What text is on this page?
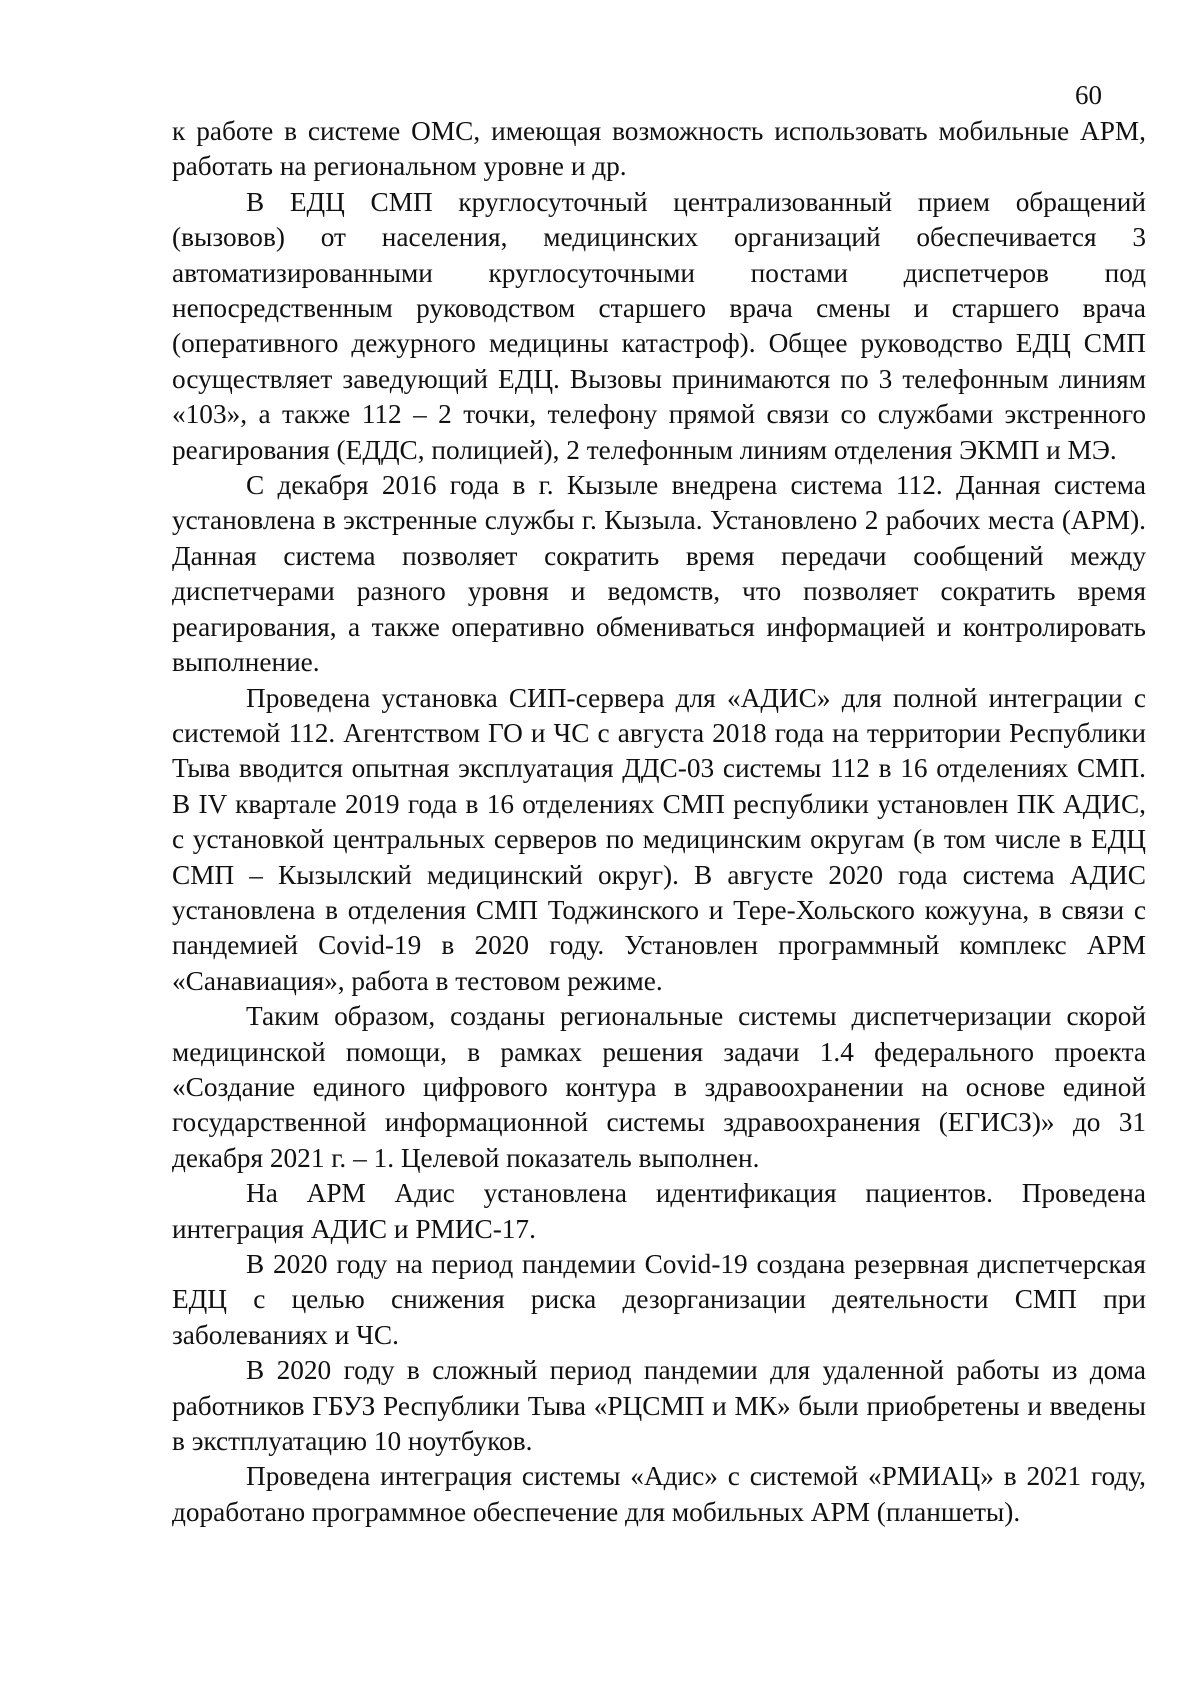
60

к работе в системе ОМС, имеющая возможность использовать мобильные АРМ, работать на региональном уровне и др.

В ЕДЦ СМП круглосуточный централизованный прием обращений (вызовов) от населения, медицинских организаций обеспечивается 3 автоматизированными круглосуточными постами диспетчеров под непосредственным руководством старшего врача смены и старшего врача (оперативного дежурного медицины катастроф). Общее руководство ЕДЦ СМП осуществляет заведующий ЕДЦ. Вызовы принимаются по 3 телефонным линиям «103», а также 112 – 2 точки, телефону прямой связи со службами экстренного реагирования (ЕДДС, полицией), 2 телефонным линиям отделения ЭКМП и МЭ.

С декабря 2016 года в г. Кызыле внедрена система 112. Данная система установлена в экстренные службы г. Кызыла. Установлено 2 рабочих места (АРМ). Данная система позволяет сократить время передачи сообщений между диспетчерами разного уровня и ведомств, что позволяет сократить время реагирования, а также оперативно обмениваться информацией и контролировать выполнение.

Проведена установка СИП-сервера для «АДИС» для полной интеграции с системой 112. Агентством ГО и ЧС с августа 2018 года на территории Республики Тыва вводится опытная эксплуатация ДДС-03 системы 112 в 16 отделениях СМП. В IV квартале 2019 года в 16 отделениях СМП республики установлен ПК АДИС, с установкой центральных серверов по медицинским округам (в том числе в ЕДЦ СМП – Кызылский медицинский округ). В августе 2020 года система АДИС установлена в отделения СМП Тоджинского и Тере-Хольского кожууна, в связи с пандемией Covid-19 в 2020 году. Установлен программный комплекс АРМ «Санавиация», работа в тестовом режиме.

Таким образом, созданы региональные системы диспетчеризации скорой медицинской помощи, в рамках решения задачи 1.4 федерального проекта «Создание единого цифрового контура в здравоохранении на основе единой государственной информационной системы здравоохранения (ЕГИСЗ)» до 31 декабря 2021 г. – 1. Целевой показатель выполнен.

На АРМ Адис установлена идентификация пациентов. Проведена интеграция АДИС и РМИС-17.

В 2020 году на период пандемии Covid-19 создана резервная диспетчерская ЕДЦ с целью снижения риска дезорганизации деятельности СМП при заболеваниях и ЧС.

В 2020 году в сложный период пандемии для удаленной работы из дома работников ГБУЗ Республики Тыва «РЦСМП и МК» были приобретены и введены в экстплуатацию 10 ноутбуков.

Проведена интеграция системы «Адис» с системой «РМИАЦ» в 2021 году, доработано программное обеспечение для мобильных АРМ (планшеты).
